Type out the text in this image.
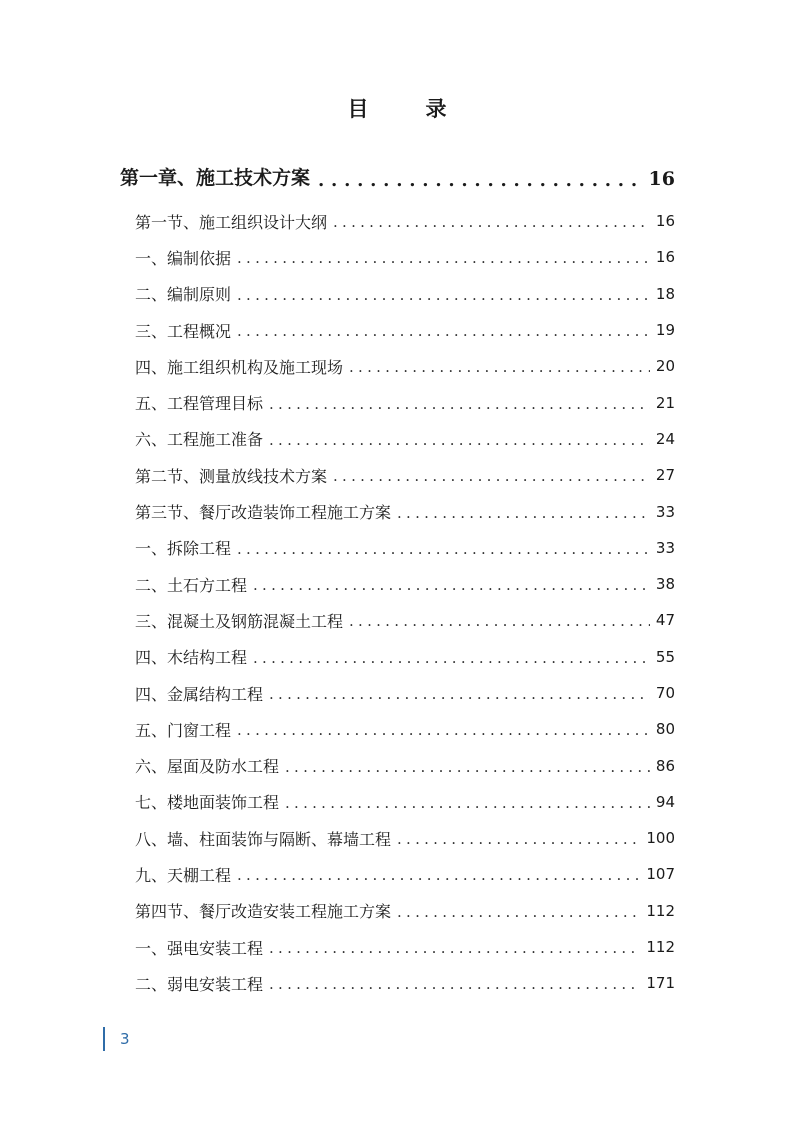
目　录
第一章、施工技术方案 . . .	16
第一节、施工组织设计大纲 . . .	16
一、编制依据 . . .	16
二、编制原则 . . .	18
三、工程概况 . . .	19
四、施工组织机构及施工现场 . . .	20
五、工程管理目标 . . .	21
六、工程施工准备 . . .	24
第二节、测量放线技术方案 . . .	27
第三节、餐厅改造装饰工程施工方案 . . .	33
一、拆除工程 . . .	33
二、土石方工程 . . .	38
三、混凝土及钢筋混凝土工程 . . .	47
四、木结构工程 . . .	55
四、金属结构工程 . . .	70
五、门窗工程 . . .	80
六、屋面及防水工程 . . .	86
七、楼地面装饰工程 . . .	94
八、墙、柱面装饰与隔断、幕墙工程 . . .	100
九、天棚工程 . . .	107
第四节、餐厅改造安装工程施工方案 . . .	112
一、强电安装工程 . . .	112
二、弱电安装工程 . . .	171
3
